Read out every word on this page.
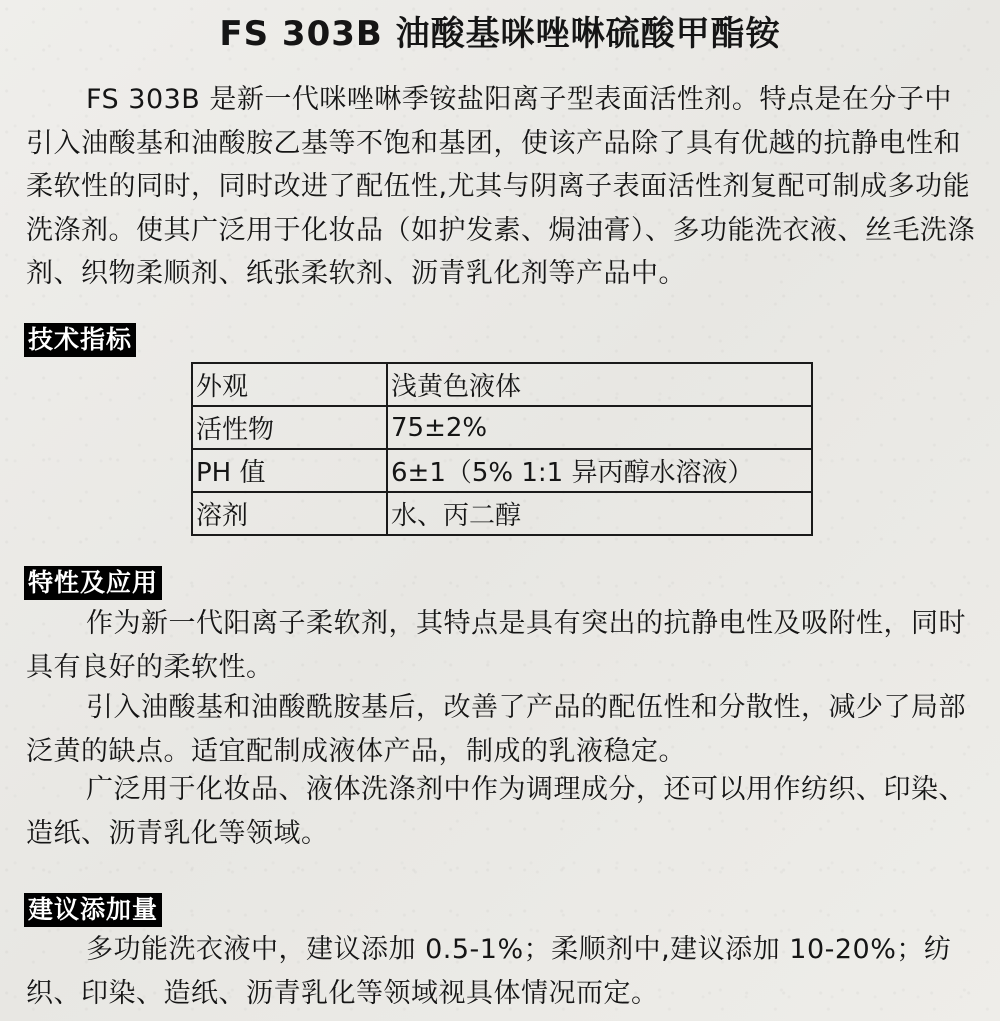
FS 303B 油酸基咪唑啉硫酸甲酯铵

FS 303B 是新一代咪唑啉季铵盐阳离子型表面活性剂。特点是在分子中引入油酸基和油酸胺乙基等不饱和基团，使该产品除了具有优越的抗静电性和柔软性的同时，同时改进了配伍性,尤其与阴离子表面活性剂复配可制成多功能洗涤剂。使其广泛用于化妆品（如护发素、焗油膏）、多功能洗衣液、丝毛洗涤剂、织物柔顺剂、纸张柔软剂、沥青乳化剂等产品中。

技术指标
外观	浅黄色液体
活性物	75±2%
PH 值	6±1（5% 1:1 异丙醇水溶液）
溶剂	水、丙二醇
特性及应用

作为新一代阳离子柔软剂，其特点是具有突出的抗静电性及吸附性，同时具有良好的柔软性。

引入油酸基和油酸酰胺基后，改善了产品的配伍性和分散性，减少了局部泛黄的缺点。适宜配制成液体产品，制成的乳液稳定。

广泛用于化妆品、液体洗涤剂中作为调理成分，还可以用作纺织、印染、造纸、沥青乳化等领域。

建议添加量

多功能洗衣液中，建议添加 0.5-1%；柔顺剂中,建议添加 10-20%；纺织、印染、造纸、沥青乳化等领域视具体情况而定。
